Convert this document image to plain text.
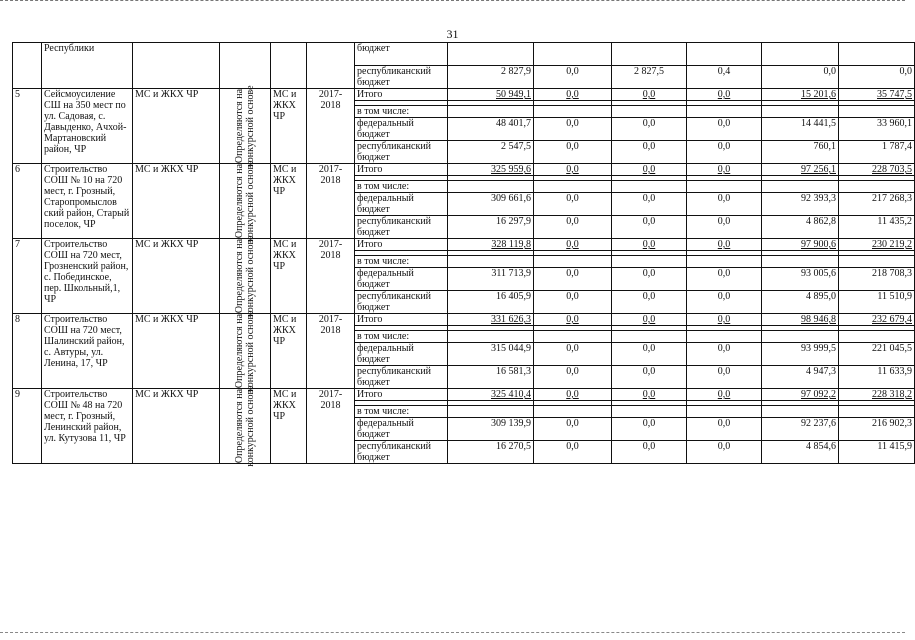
31
	Республики					бюджет						
						республиканский бюджет	2 827,9	0,0	2 827,5	0,4	0,0	0,0
5	Сейсмоусиление СШ на 350 мест по ул. Садовая, с. Давыденко, Ачхой-Мартановский район, ЧР	МС и ЖКХ ЧР	Определяются на конкурсной основе	МС и ЖКХ ЧР	2017-2018	Итого	50 949,1	0,0	0,0	0,0	15 201,6	35 747,5

						в том числе:						
						федеральный бюджет	48 401,7	0,0	0,0	0,0	14 441,5	33 960,1
						республиканский бюджет	2 547,5	0,0	0,0	0,0	760,1	1 787,4
6	Строительство СОШ № 10 на 720 мест, г. Грозный, Старопромыслов ский район, Старый поселок, ЧР	МС и ЖКХ ЧР	Определяются на конкурсной основе	МС и ЖКХ ЧР	2017-2018	Итого	325 959,6	0,0	0,0	0,0	97 256,1	228 703,5

						в том числе:						
						федеральный бюджет	309 661,6	0,0	0,0	0,0	92 393,3	217 268,3
						республиканский бюджет	16 297,9	0,0	0,0	0,0	4 862,8	11 435,2
7	Строительство СОШ на 720 мест, Грозненский район, с. Побединское, пер. Школьный,1, ЧР	МС и ЖКХ ЧР	Определяются на конкурсной основе	МС и ЖКХ ЧР	2017-2018	Итого	328 119,8	0,0	0,0	0,0	97 900,6	230 219,2

						в том числе:						
						федеральный бюджет	311 713,9	0,0	0,0	0,0	93 005,6	218 708,3
						республиканский бюджет	16 405,9	0,0	0,0	0,0	4 895,0	11 510,9
8	Строительство СОШ на 720 мест, Шалинский район, с. Автуры, ул. Ленина, 17, ЧР	МС и ЖКХ ЧР	Определяются на конкурсной основе	МС и ЖКХ ЧР	2017-2018	Итого	331 626,3	0,0	0,0	0,0	98 946,8	232 679,4

						в том числе:						
						федеральный бюджет	315 044,9	0,0	0,0	0,0	93 999,5	221 045,5
						республиканский бюджет	16 581,3	0,0	0,0	0,0	4 947,3	11 633,9
9	Строительство СОШ № 48 на 720 мест, г. Грозный, Ленинский район, ул. Кутузова 11, ЧР	МС и ЖКХ ЧР	Определяются на конкурсной основе	МС и ЖКХ ЧР	2017-2018	Итого	325 410,4	0,0	0,0	0,0	97 092,2	228 318,2

						в том числе:						
						федеральный бюджет	309 139,9	0,0	0,0	0,0	92 237,6	216 902,3
						республиканский бюджет	16 270,5	0,0	0,0	0,0	4 854,6	11 415,9
